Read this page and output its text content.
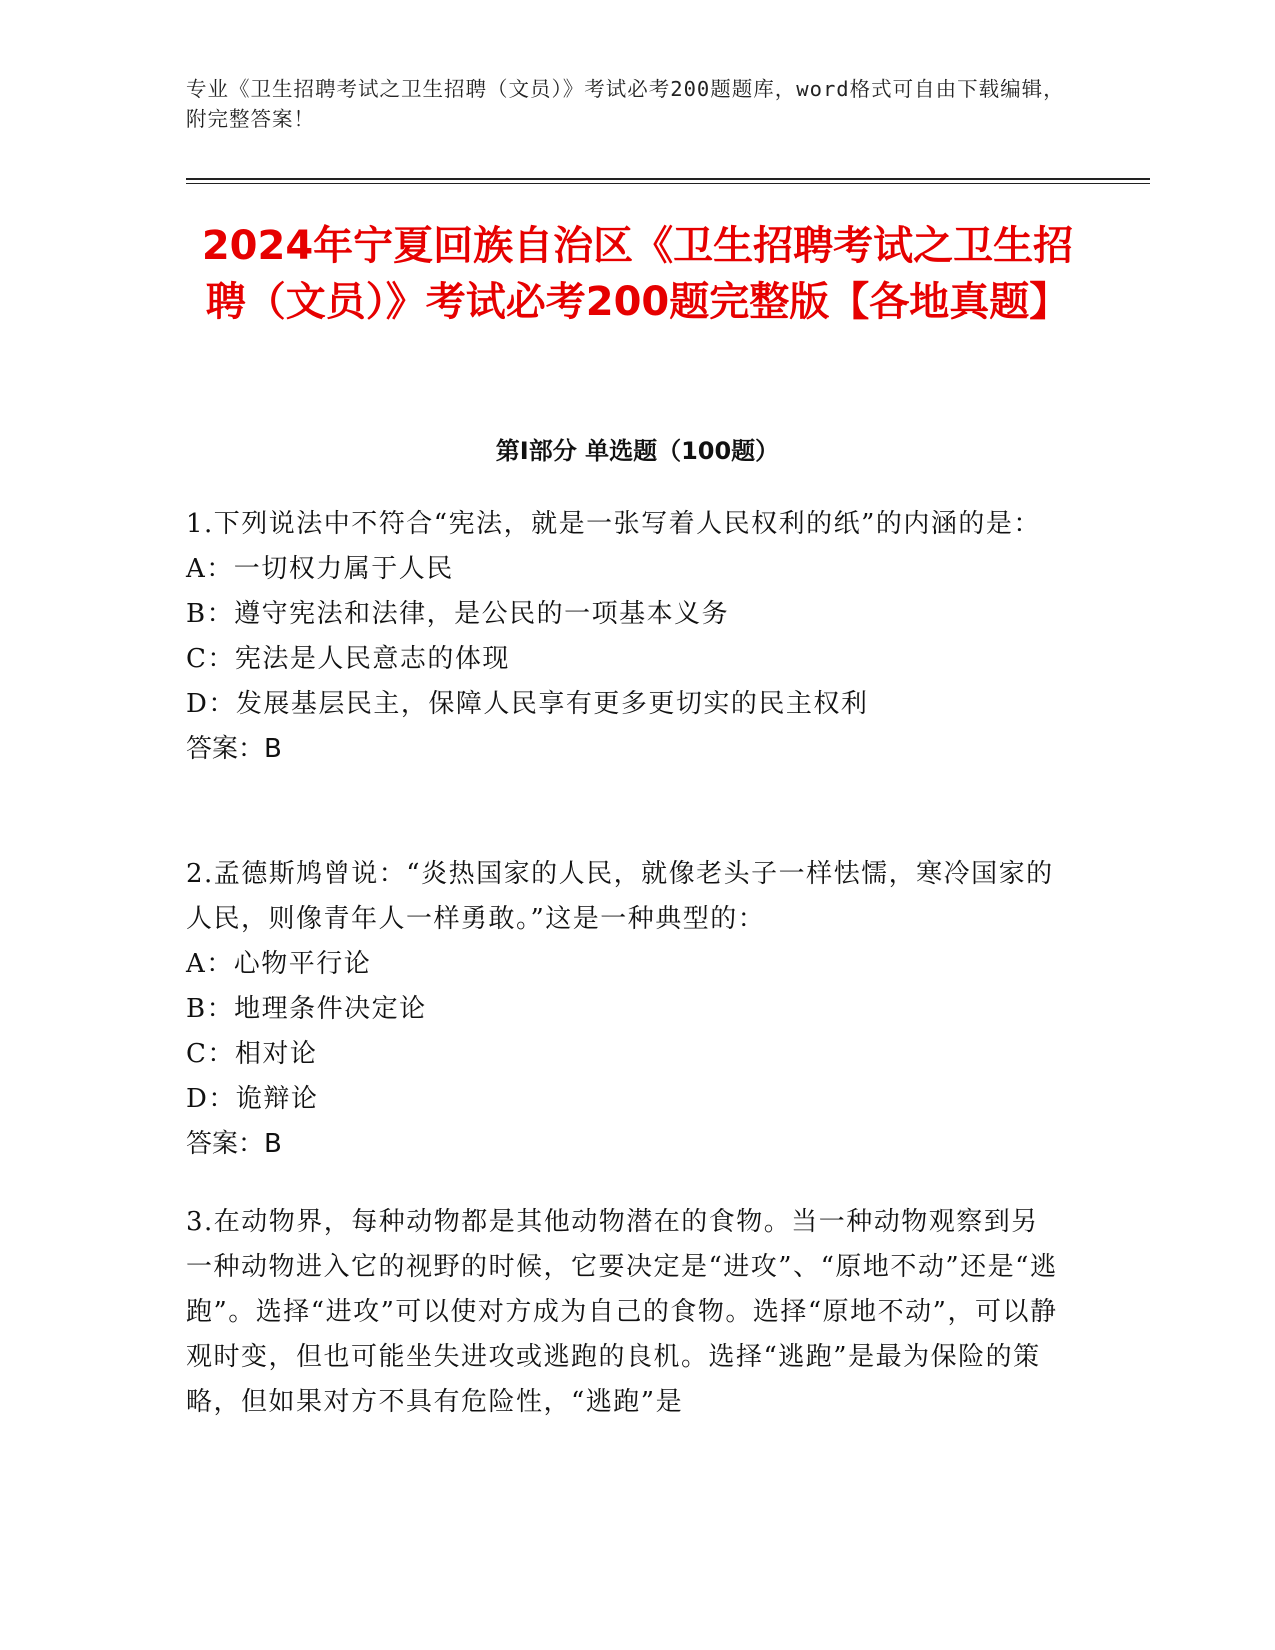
专业《卫生招聘考试之卫生招聘（文员）》考试必考200题题库，word格式可自由下载编辑，附完整答案！
2024年宁夏回族自治区《卫生招聘考试之卫生招聘（文员）》考试必考200题完整版【各地真题】
第Ⅰ部分 单选题（100题）

1.下列说法中不符合“宪法，就是一张写着人民权利的纸”的内涵的是：

A：一切权力属于人民

B：遵守宪法和法律，是公民的一项基本义务

C：宪法是人民意志的体现

D：发展基层民主，保障人民享有更多更切实的民主权利

答案：B

2.孟德斯鸠曾说：“炎热国家的人民，就像老头子一样怯懦，寒冷国家的人民，则像青年人一样勇敢。”这是一种典型的：

A：心物平行论

B：地理条件决定论

C：相对论

D：诡辩论

答案：B

3.在动物界，每种动物都是其他动物潜在的食物。当一种动物观察到另一种动物进入它的视野的时候，它要决定是“进攻”、“原地不动”还是“逃跑”。选择“进攻”可以使对方成为自己的食物。选择“原地不动”，可以静观时变，但也可能坐失进攻或逃跑的良机。选择“逃跑”是最为保险的策略，但如果对方不具有危险性，“逃跑”是
